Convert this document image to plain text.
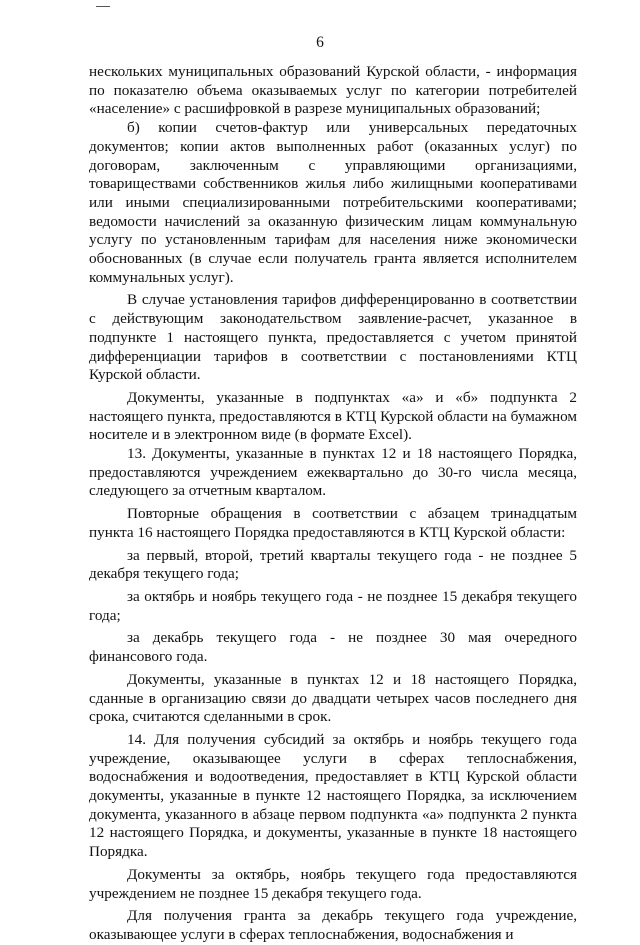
6

нескольких муниципальных образований Курской области, - информация по показателю объема оказываемых услуг по категории потребителей «население» с расшифровкой в разрезе муниципальных образований;

б) копии счетов-фактур или универсальных передаточных документов; копии актов выполненных работ (оказанных услуг) по договорам, заключенным с управляющими организациями, товариществами собственников жилья либо жилищными кооперативами или иными специализированными потребительскими кооперативами; ведомости начислений за оказанную физическим лицам коммунальную услугу по установленным тарифам для населения ниже экономически обоснованных (в случае если получатель гранта является исполнителем коммунальных услуг).

В случае установления тарифов дифференцированно в соответствии с действующим законодательством заявление-расчет, указанное в подпункте 1 настоящего пункта, предоставляется с учетом принятой дифференциации тарифов в соответствии с постановлениями КТЦ Курской области.

Документы, указанные в подпунктах «а» и «б» подпункта 2 настоящего пункта, предоставляются в КТЦ Курской области на бумажном носителе и в электронном виде (в формате Excel).

13. Документы, указанные в пунктах 12 и 18 настоящего Порядка, предоставляются учреждением ежеквартально до 30-го числа месяца, следующего за отчетным кварталом.

Повторные обращения в соответствии с абзацем тринадцатым пункта 16 настоящего Порядка предоставляются в КТЦ Курской области:

за первый, второй, третий кварталы текущего года - не позднее 5 декабря текущего года;

за октябрь и ноябрь текущего года - не позднее 15 декабря текущего года;

за декабрь текущего года - не позднее 30 мая очередного финансового года.

Документы, указанные в пунктах 12 и 18 настоящего Порядка, сданные в организацию связи до двадцати четырех часов последнего дня срока, считаются сделанными в срок.

14. Для получения субсидий за октябрь и ноябрь текущего года учреждение, оказывающее услуги в сферах теплоснабжения, водоснабжения и водоотведения, предоставляет в КТЦ Курской области документы, указанные в пункте 12 настоящего Порядка, за исключением документа, указанного в абзаце первом подпункта «а» подпункта 2 пункта 12 настоящего Порядка, и документы, указанные в пункте 18 настоящего Порядка.

Документы за октябрь, ноябрь текущего года предоставляются учреждением не позднее 15 декабря текущего года.

Для получения гранта за декабрь текущего года учреждение, оказывающее услуги в сферах теплоснабжения, водоснабжения и
